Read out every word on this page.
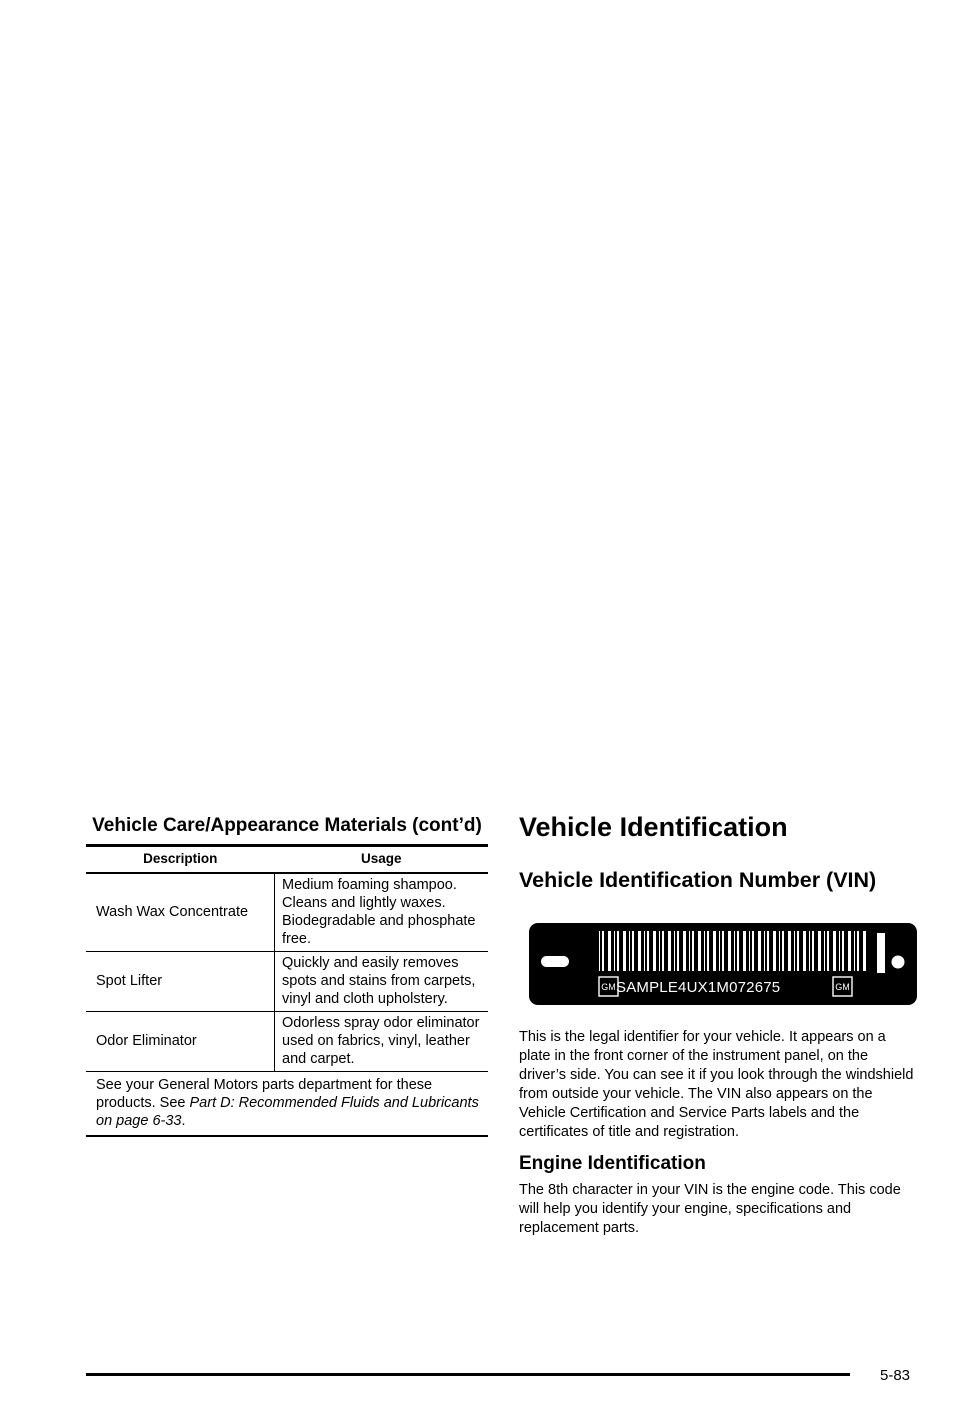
Vehicle Care/Appearance Materials (cont’d)
Description	Usage
Wash Wax Concentrate	Medium foaming shampoo. Cleans and lightly waxes. Biodegradable and phosphate free.
Spot Lifter	Quickly and easily removes spots and stains from carpets, vinyl and cloth upholstery.
Odor Eliminator	Odorless spray odor eliminator used on fabrics, vinyl, leather and carpet.
See your General Motors parts department for these products. See Part D: Recommended Fluids and Lubricants on page 6-33.	
Vehicle Identification
Vehicle Identification Number (VIN)
GM SAMPLE4UX1M072675	GM

This is the legal identifier for your vehicle. It appears on a plate in the front corner of the instrument panel, on the driver’s side. You can see it if you look through the windshield from outside your vehicle. The VIN also appears on the Vehicle Certification and Service Parts labels and the certificates of title and registration.

Engine Identification

The 8th character in your VIN is the engine code. This code will help you identify your engine, specifications and replacement parts.

5-83
